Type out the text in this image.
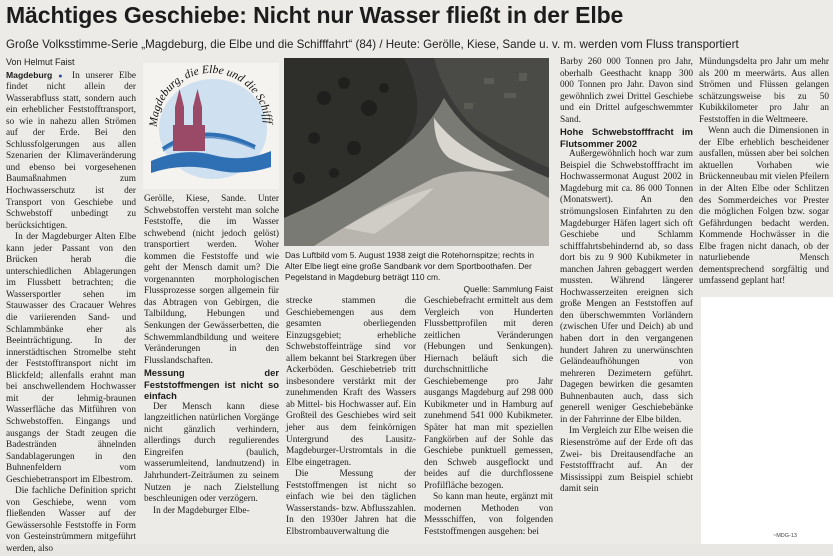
Mächtiges Geschiebe: Nicht nur Wasser fließt in der Elbe
Große Volksstimme-Serie „Magdeburg, die Elbe und die Schifffahrt“ (84) / Heute: Gerölle, Kiese, Sande u. v. m. werden vom Fluss transportiert
Von Helmut Faist

Magdeburg ● In unserer Elbe findet nicht allein der Wasserabfluss statt, sondern auch ein erheblicher Feststofftransport, so wie in nahezu allen Strömen auf der Erde. Bei den Schlussfolgerungen aus allen Szenarien der Klimaveränderung und ebenso bei vorgesehenen Baumaßnahmen zum Hochwasserschutz ist der Transport von Geschiebe und Schwebstoff unbedingt zu berücksichtigen.

In der Magdeburger Alten Elbe kann jeder Passant von den Brücken herab die unterschiedlichen Ablagerungen im Flussbett betrachten; die Wassersportler sehen im Stauwasser des Cracauer Wehres die variierenden Sand- und Schlammbänke eher als Beeinträchtigung. In der innerstädtischen Stromelbe steht der Feststofftransport nicht im Blickfeld; allenfalls erahnt man bei anschwellendem Hochwasser mit der lehmig-braunen Wasserfläche das Mitführen von Schwebstoffen. Eingangs und ausgangs der Stadt zeugen die Badestränden ähnelnden Sandablagerungen in den Buhnenfeldern vom Geschiebetransport im Elbestrom.

Die fachliche Definition spricht von Geschiebe, wenn vom fließenden Wasser auf der Gewässersohle Feststoffe in Form von Gesteinstrümmern mitgeführt werden, also

Magdeburg, die Elbe und die Schifff

Gerölle, Kiese, Sande. Unter Schwebstoffen versteht man solche Feststoffe, die im Wasser schwebend (nicht jedoch gelöst) transportiert werden. Woher kommen die Feststoffe und wie geht der Mensch damit um? Die vorgenannten morphologischen Flussprozesse sorgen allgemein für das Abtragen von Gebirgen, die Talbildung, Hebungen und Senkungen der Gewässerbetten, die Schwemmlandbildung und weitere Veränderungen in den Flusslandschaften.

Messung der Feststoffmengen ist nicht so einfach

Der Mensch kann diese langzeitlichen natürlichen Vorgänge nicht gänzlich verhindern, allerdings durch regulierendes Eingreifen (baulich, wasserumleitend, landnutzend) in Jahrhundert-Zeiträumen zu seinem Nutzen je nach Zielstellung beschleunigen oder verzögern.

In der Magdeburger Elbe-

Das Luftbild vom 5. August 1938 zeigt die Rotehornspitze; rechts in Alter Elbe liegt eine große Sandbank vor dem Sportboothafen. Der Pegelstand in Magdeburg beträgt 110 cm.
Quelle: Sammlung Faist

strecke stammen die Geschiebemengen aus dem gesamten oberliegenden Einzugsgebiet; erhebliche Schwebstoffeinträge sind vor allem bekannt bei Starkregen über Ackerböden. Geschiebetrieb tritt insbesondere verstärkt mit der zunehmenden Kraft des Wassers ab Mittel- bis Hochwasser auf. Ein Großteil des Geschiebes wird seit jeher aus dem feinkörnigen Untergrund des Lausitz-Magdeburger-Urstromtals in die Elbe eingetragen.

Die Messung der Feststoffmengen ist nicht so einfach wie bei den täglichen Wasserstands- bzw. Abflusszahlen. In den 1930er Jahren hat die Elbstrombauverwaltung die

Geschiebefracht ermittelt aus dem Vergleich von Hunderten Flussbettprofilen mit deren zeitlichen Veränderungen (Hebungen und Senkungen). Hiernach beläuft sich die durchschnittliche Geschiebemenge pro Jahr ausgangs Magdeburg auf 298 000 Kubikmeter und in Hamburg auf zunehmend 541 000 Kubikmeter. Später hat man mit speziellen Fangkörben auf der Sohle das Geschiebe punktuell gemessen, den Schweb ausgeflockt und beides auf die durchflossene Profilfläche bezogen.

So kann man heute, ergänzt mit modernen Methoden von Messschiffen, von folgenden Feststoffmengen ausgehen: bei

Barby 260 000 Tonnen pro Jahr, oberhalb Geesthacht knapp 300 000 Tonnen pro Jahr. Davon sind gewöhnlich zwei Drittel Geschiebe und ein Drittel aufgeschwemmter Sand.

Hohe Schwebstofffracht im Flutsommer 2002

Außergewöhnlich hoch war zum Beispiel die Schwebstofffracht im Hochwassermonat August 2002 in Magdeburg mit ca. 86 000 Tonnen (Monatswert). An den strömungslosen Einfahrten zu den Magdeburger Häfen lagert sich oft Geschiebe und Schlamm schifffahrtsbehindernd ab, so dass dort bis zu 9 900 Kubikmeter in manchen Jahren gebaggert werden mussten. Während längerer Hochwasserzeiten ereignen sich große Mengen an Feststoffen auf den überschwemmten Vorländern (zwischen Ufer und Deich) ab und haben dort in den vergangenen hundert Jahren zu unerwünschten Geländeaufhöhungen von mehreren Dezimetern geführt. Dagegen bewirken die gesamten Buhnenbauten auch, dass sich generell weniger Geschiebebänke in der Fahrrinne der Elbe bilden.

Im Vergleich zur Elbe weisen die Riesenströme auf der Erde oft das Zwei- bis Dreitausendfache an Feststofffracht auf. An der Mississippi zum Beispiel schiebt damit sein

Mündungsdelta pro Jahr um mehr als 200 m meerwärts. Aus allen Strömen und Flüssen gelangen schätzungsweise bis zu 50 Kubikkilometer pro Jahr an Feststoffen in die Weltmeere.

Wenn auch die Dimensionen in der Elbe erheblich bescheidener ausfallen, müssen aber bei solchen aktuellen Vorhaben wie Brückenneubau mit vielen Pfeilern in der Alten Elbe oder Schlitzen des Sommerdeiches vor Prester die möglichen Folgen bzw. sogar Gefährdungen bedacht werden. Kommende Hochwässer in die Elbe fragen nicht danach, ob der naturliebende Mensch dementsprechend sorgfältig und umfassend geplant hat!

~MDG-13
